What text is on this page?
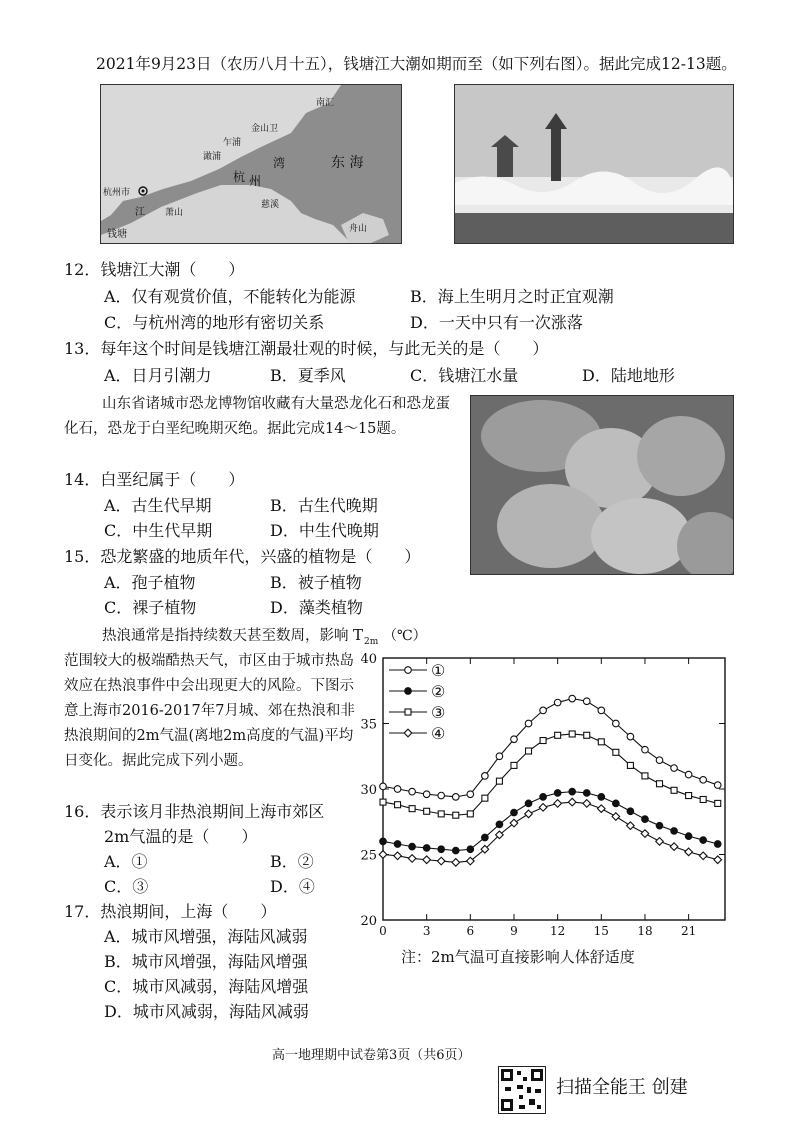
2021年9月23日（农历八月十五），钱塘江大潮如期而至（如下列右图）。据此完成12-13题。
南汇
金山卫
乍浦
澉浦
杭 州
湾	东 海
杭州市
江
钱塘
萧山
慈溪
舟山
12．钱塘江大潮（　　）
A．仅有观赏价值，不能转化为能源	B．海上生明月之时正宜观潮
C．与杭州湾的地形有密切关系	D．一天中只有一次涨落
13．每年这个时间是钱塘江潮最壮观的时候，与此无关的是（　　）
A．日月引潮力	B．夏季风	C．钱塘江水量	D．陆地地形
山东省诸城市恐龙博物馆收藏有大量恐龙化石和恐龙蛋化石，恐龙于白垩纪晚期灭绝。据此完成14～15题。
14．白垩纪属于（　　）
A．古生代早期	B．古生代晚期
C．中生代早期	D．中生代晚期
15．恐龙繁盛的地质年代，兴盛的植物是（　　）
A．孢子植物	B．被子植物
C．裸子植物	D．藻类植物
热浪通常是指持续数天甚至数周，影响范围较大的极端酷热天气，市区由于城市热岛效应在热浪事件中会出现更大的风险。下图示意上海市2016-2017年7月城、郊在热浪和非热浪期间的2m气温(离地2m高度的气温)平均日变化。据此完成下列小题。
16．表示该月非热浪期间上海市郊区
2m气温的是（　　）
A．①	B．②
C．③	D．④
17．热浪期间，上海（　　）
A．城市风增强，海陆风减弱
B．城市风增强，海陆风增强
C．城市风减弱，海陆风增强
D．城市风减弱，海陆风减弱
T 2m （℃）
20
25
30
35
40
0	3	6	9	12 15 18 21
①
②
③
④
注：2m气温可直接影响人体舒适度
高一地理期中试卷第3页（共6页）
扫描全能王 创建
